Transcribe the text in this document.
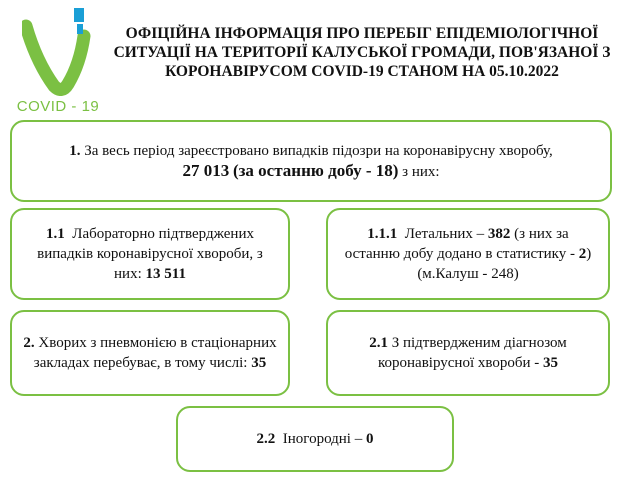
COVID - 19
ОФІЦІЙНА ІНФОРМАЦІЯ ПРО ПЕРЕБІГ ЕПІДЕМІОЛОГІЧНОЇ СИТУАЦІЇ НА ТЕРИТОРІЇ КАЛУСЬКОЇ ГРОМАДИ, ПОВ'ЯЗАНОЇ З КОРОНАВІРУСОМ COVID-19 СТАНОМ НА 05.10.2022
1. За весь період зареєстровано випадків підозри на коронавірусну хворобу,
27 013 (за останню добу - 18) з них:
1.1 Лабораторно підтверджених випадків коронавірусної хвороби, з них: 13 511
1.1.1 Летальних – 382 (з них за останню добу додано в статистику - 2) (м.Калуш - 248)
2. Хворих з пневмонією в стаціонарних закладах перебуває, в тому числі: 35
2.1 З підтвердженим діагнозом коронавірусної хвороби - 35
2.2 Іногородні – 0
